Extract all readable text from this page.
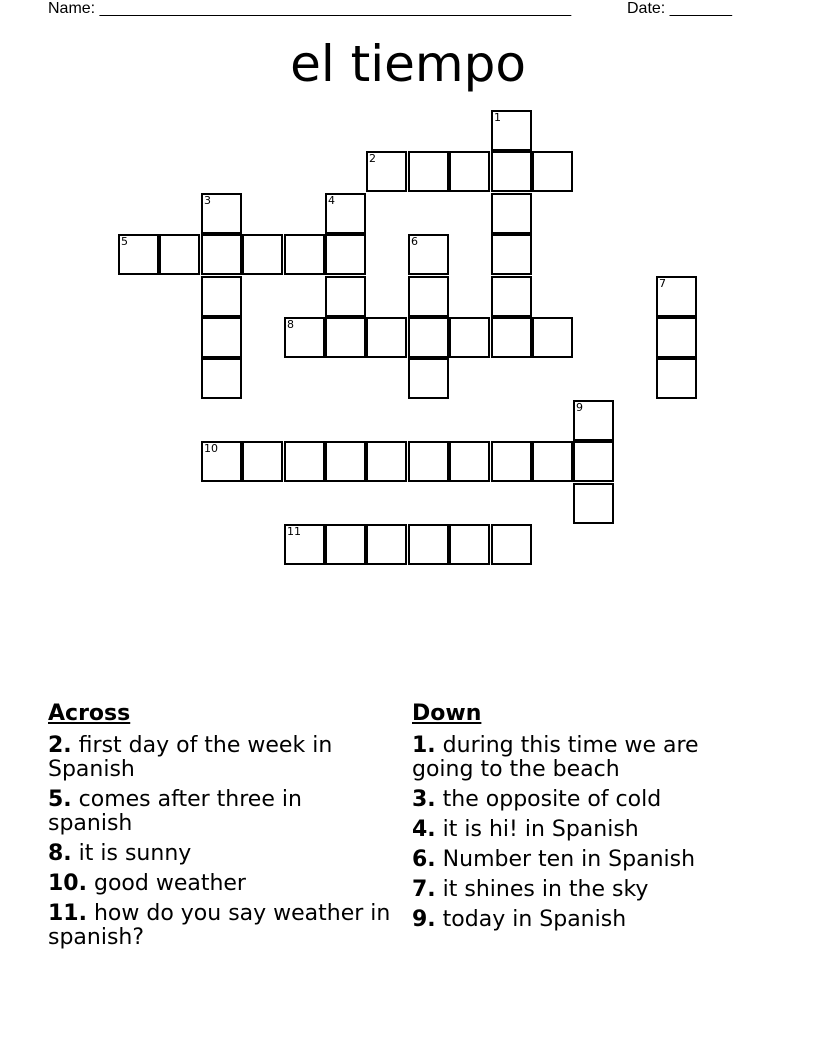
Name: _____________________________________________________	Date: _______
el tiempo
1
2
3	4
5	6
7
8
9
10
11
Across
2. first day of the week in Spanish
5. comes after three in spanish
8. it is sunny
10. good weather
11. how do you say weather in spanish?
Down
1. during this time we are going to the beach
3. the opposite of cold
4. it is hi! in Spanish
6. Number ten in Spanish
7. it shines in the sky
9. today in Spanish
